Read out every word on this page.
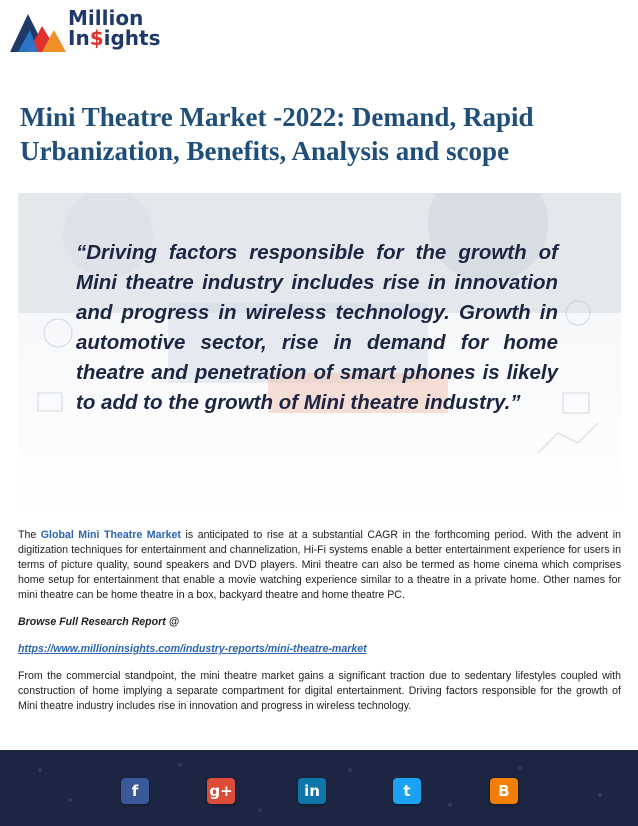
Million
In$ights
Mini Theatre Market -2022: Demand, Rapid Urbanization, Benefits, Analysis and scope
“Driving factors responsible for the growth of Mini theatre industry includes rise in innovation and progress in wireless technology. Growth in automotive sector, rise in demand for home theatre and penetration of smart phones is likely to add to the growth of Mini theatre industry.”

The Global Mini Theatre Market is anticipated to rise at a substantial CAGR in the forthcoming period. With the advent in digitization techniques for entertainment and channelization, Hi-Fi systems enable a better entertainment experience for users in terms of picture quality, sound speakers and DVD players. Mini theatre can also be termed as home cinema which comprises home setup for entertainment that enable a movie watching experience similar to a theatre in a private home. Other names for mini theatre can be home theatre in a box, backyard theatre and home theatre PC.

Browse Full Research Report @
https://www.millioninsights.com/industry-reports/mini-theatre-market

From the commercial standpoint, the mini theatre market gains a significant traction due to sedentary lifestyles coupled with construction of home implying a separate compartment for digital entertainment. Driving factors responsible for the growth of Mini theatre industry includes rise in innovation and progress in wireless technology.

f	g+	in	t	B
